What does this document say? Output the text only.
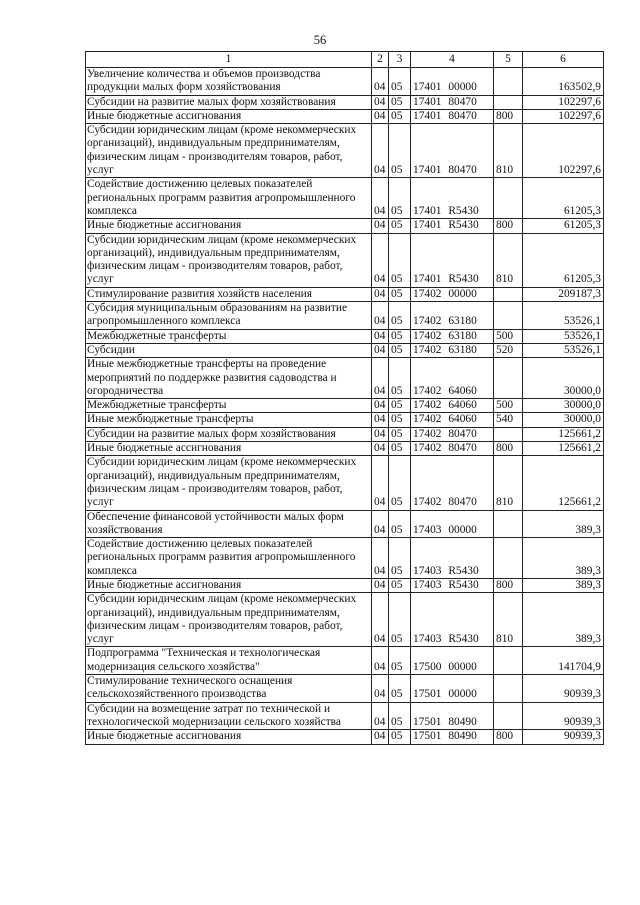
56
1	2	3	4	5	6
Увеличение количества и объемов производства продукции малых форм хозяйствования	04	05	17401 00000		163502,9
Субсидии на развитие малых форм хозяйствования	04	05	17401 80470		102297,6
Иные бюджетные ассигнования	04	05	17401 80470	800	102297,6
Субсидии юридическим лицам (кроме некоммерческих организаций), индивидуальным предпринимателям, физическим лицам - производителям товаров, работ, услуг	04	05	17401 80470	810	102297,6
Содействие достижению целевых показателей региональных программ развития агропромышленного комплекса	04	05	17401 R5430		61205,3
Иные бюджетные ассигнования	04	05	17401 R5430	800	61205,3
Субсидии юридическим лицам (кроме некоммерческих организаций), индивидуальным предпринимателям, физическим лицам - производителям товаров, работ, услуг	04	05	17401 R5430	810	61205,3
Стимулирование развития хозяйств населения	04	05	17402 00000		209187,3
Субсидия муниципальным образованиям на развитие агропромышленного комплекса	04	05	17402 63180		53526,1
Межбюджетные трансферты	04	05	17402 63180	500	53526,1
Субсидии	04	05	17402 63180	520	53526,1
Иные межбюджетные трансферты на проведение мероприятий по поддержке развития садоводства и огородничества	04	05	17402 64060		30000,0
Межбюджетные трансферты	04	05	17402 64060	500	30000,0
Иные межбюджетные трансферты	04	05	17402 64060	540	30000,0
Субсидии на развитие малых форм хозяйствования	04	05	17402 80470		125661,2
Иные бюджетные ассигнования	04	05	17402 80470	800	125661,2
Субсидии юридическим лицам (кроме некоммерческих организаций), индивидуальным предпринимателям, физическим лицам - производителям товаров, работ, услуг	04	05	17402 80470	810	125661,2
Обеспечение финансовой устойчивости малых форм хозяйствования	04	05	17403 00000		389,3
Содействие достижению целевых показателей региональных программ развития агропромышленного комплекса	04	05	17403 R5430		389,3
Иные бюджетные ассигнования	04	05	17403 R5430	800	389,3
Субсидии юридическим лицам (кроме некоммерческих организаций), индивидуальным предпринимателям, физическим лицам - производителям товаров, работ, услуг	04	05	17403 R5430	810	389,3
Подпрограмма "Техническая и технологическая модернизация сельского хозяйства"	04	05	17500 00000		141704,9
Стимулирование технического оснащения сельскохозяйственного производства	04	05	17501 00000		90939,3
Субсидии на возмещение затрат по технической и технологической модернизации сельского хозяйства	04	05	17501 80490		90939,3
Иные бюджетные ассигнования	04	05	17501 80490	800	90939,3
